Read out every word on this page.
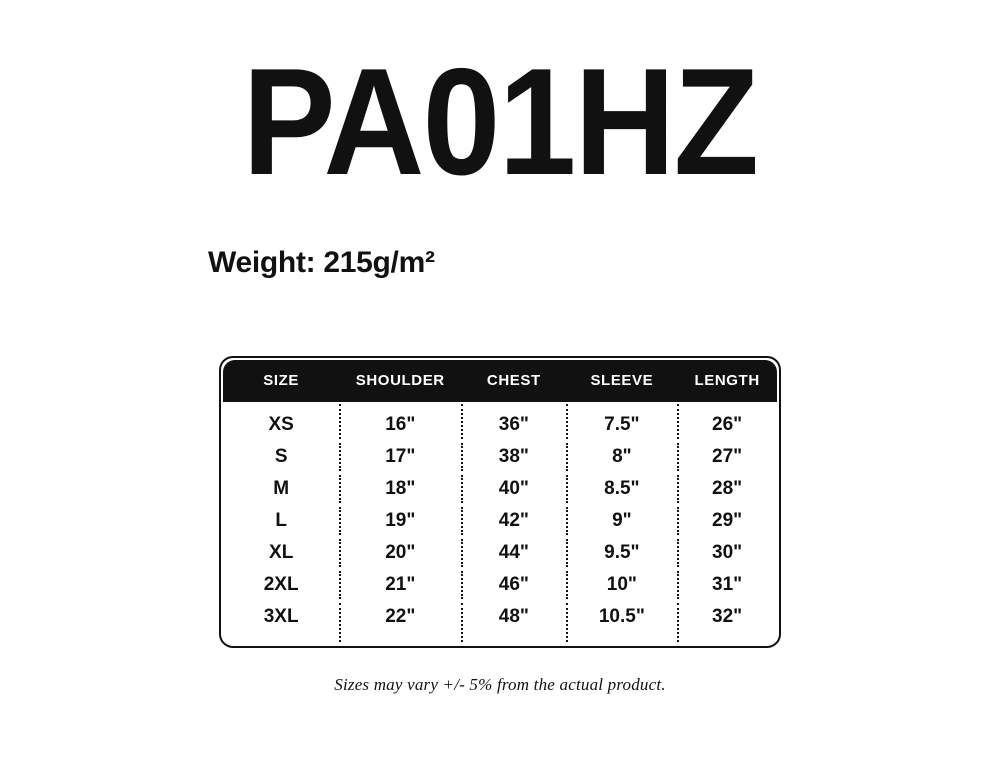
PA01HZ
Weight: 215g/m²
SIZE	SHOULDER	CHEST	SLEEVE	LENGTH
XS	16"	36"	7.5"	26"
S	17"	38"	8"	27"
M	18"	40"	8.5"	28"
L	19"	42"	9"	29"
XL	20"	44"	9.5"	30"
2XL	21"	46"	10"	31"
3XL	22"	48"	10.5"	32"
Sizes may vary +/- 5% from the actual product.
